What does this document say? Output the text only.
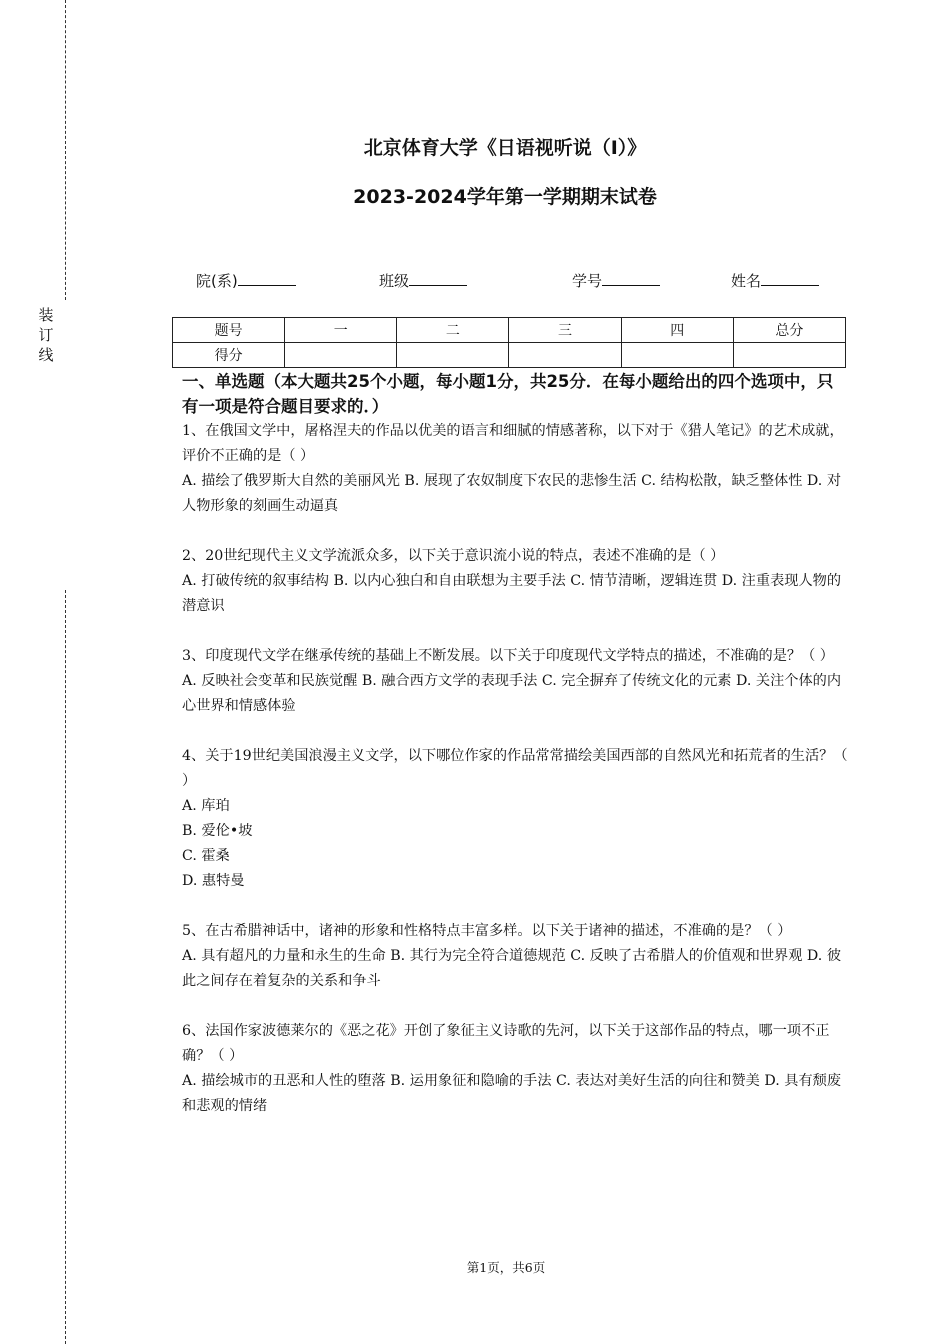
装
订
线
北京体育大学《日语视听说（I）》
2023-2024学年第一学期期末试卷
院(系)	班级	学号	姓名
题号	一	二	三	四	总分
得分					
一、单选题（本大题共25个小题，每小题1分，共25分．在每小题给出的四个选项中，只有一项是符合题目要求的．）

1、在俄国文学中，屠格涅夫的作品以优美的语言和细腻的情感著称，以下对于《猎人笔记》的艺术成就，评价不正确的是（ ）

A. 描绘了俄罗斯大自然的美丽风光 B. 展现了农奴制度下农民的悲惨生活 C. 结构松散，缺乏整体性 D. 对人物形象的刻画生动逼真

2、20世纪现代主义文学流派众多，以下关于意识流小说的特点，表述不准确的是（ ）

A. 打破传统的叙事结构 B. 以内心独白和自由联想为主要手法 C. 情节清晰，逻辑连贯 D. 注重表现人物的潜意识

3、印度现代文学在继承传统的基础上不断发展。以下关于印度现代文学特点的描述，不准确的是？（ ）

A. 反映社会变革和民族觉醒 B. 融合西方文学的表现手法 C. 完全摒弃了传统文化的元素 D. 关注个体的内心世界和情感体验

4、关于19世纪美国浪漫主义文学，以下哪位作家的作品常常描绘美国西部的自然风光和拓荒者的生活？（ ）

A. 库珀

B. 爱伦•坡

C. 霍桑

D. 惠特曼

5、在古希腊神话中，诸神的形象和性格特点丰富多样。以下关于诸神的描述，不准确的是？（ ）

A. 具有超凡的力量和永生的生命 B. 其行为完全符合道德规范 C. 反映了古希腊人的价值观和世界观 D. 彼此之间存在着复杂的关系和争斗

6、法国作家波德莱尔的《恶之花》开创了象征主义诗歌的先河，以下关于这部作品的特点，哪一项不正确？（ ）

A. 描绘城市的丑恶和人性的堕落 B. 运用象征和隐喻的手法 C. 表达对美好生活的向往和赞美 D. 具有颓废和悲观的情绪

第1页，共6页
